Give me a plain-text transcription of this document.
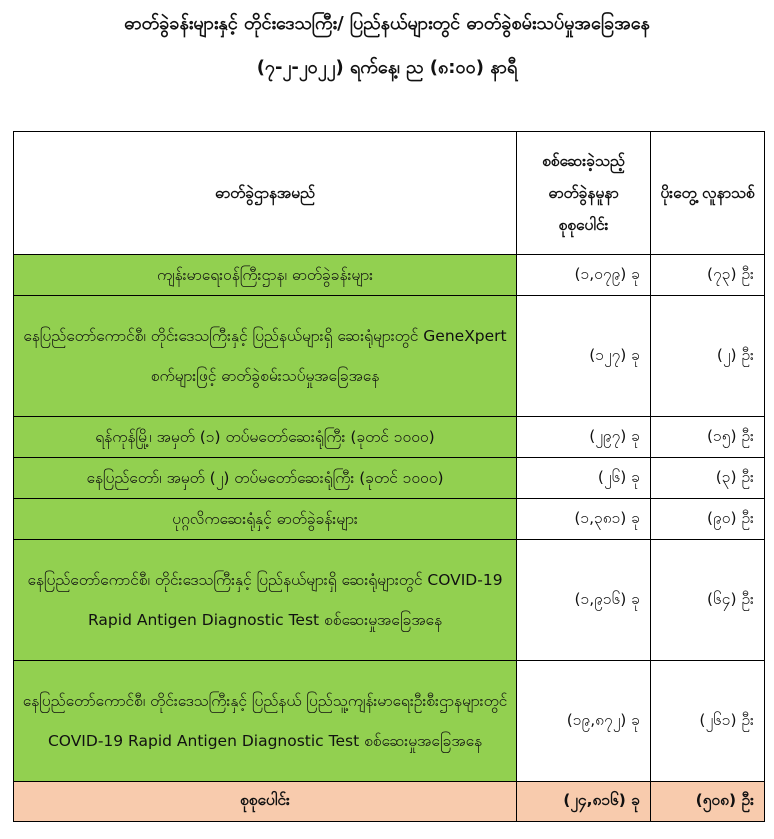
ဓာတ်ခွဲခန်းများနှင့် တိုင်းဒေသကြီး/ ပြည်နယ်များတွင် ဓာတ်ခွဲစမ်းသပ်မှုအခြေအနေ
(၇-၂-၂၀၂၂) ရက်နေ့၊ ည (၈:၀၀) နာရီ
ဓာတ်ခွဲဌာနအမည်	စစ်ဆေးခဲ့သည့် ဓာတ်ခွဲနမူနာ စုစုပေါင်း	ပိုးတွေ့ လူနာသစ်
ကျန်းမာရေးဝန်ကြီးဌာန၊ ဓာတ်ခွဲခန်းများ	(၁,၀၇၉) ခု	(၇၃) ဦး
နေပြည်တော်ကောင်စီ၊ တိုင်းဒေသကြီးနှင့် ပြည်နယ်များရှိ ဆေးရုံများတွင် GeneXpert စက်များဖြင့် ဓာတ်ခွဲစမ်းသပ်မှုအခြေအနေ	(၁၂၇) ခု	(၂) ဦး
ရန်ကုန်မြို့၊ အမှတ် (၁) တပ်မတော်ဆေးရုံကြီး (ခုတင် ၁၀၀၀)	(၂၉၇) ခု	(၁၅) ဦး
နေပြည်တော်၊ အမှတ် (၂) တပ်မတော်ဆေးရုံကြီး (ခုတင် ၁၀၀၀)	(၂၆) ခု	(၃) ဦး
ပုဂ္ဂလိကဆေးရုံနှင့် ဓာတ်ခွဲခန်းများ	(၁,၃၈၁) ခု	(၉၀) ဦး
နေပြည်တော်ကောင်စီ၊ တိုင်းဒေသကြီးနှင့် ပြည်နယ်များရှိ ဆေးရုံများတွင် COVID-19 Rapid Antigen Diagnostic Test စစ်ဆေးမှုအခြေအနေ	(၁,၉၁၆) ခု	(၆၄) ဦး
နေပြည်တော်ကောင်စီ၊ တိုင်းဒေသကြီးနှင့် ပြည်နယ် ပြည်သူ့ကျန်းမာရေးဦးစီးဌာနများတွင် COVID-19 Rapid Antigen Diagnostic Test စစ်ဆေးမှုအခြေအနေ	(၁၉,၈၇၂) ခု	(၂၆၁) ဦး
စုစုပေါင်း	(၂၄,၈၁၆) ခု	(၅၀၈) ဦး
